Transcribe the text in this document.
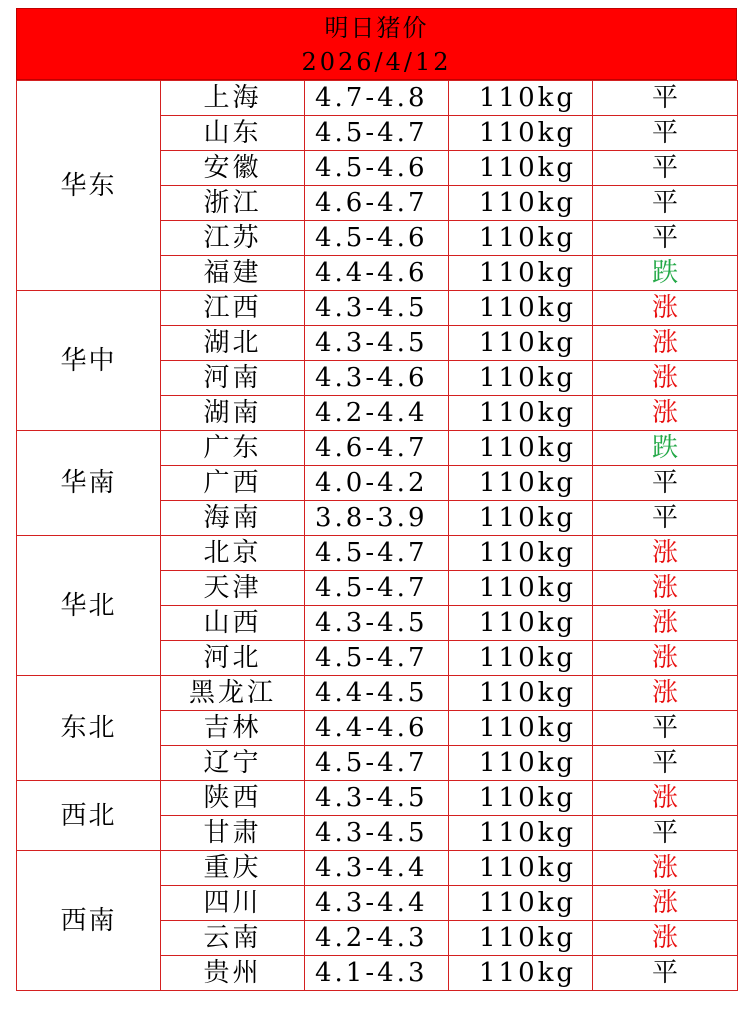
明日猪价
2026/4/12
华东	上海	4.7-4.8	110kg	平
	山东	4.5-4.7	110kg	平
	安徽	4.5-4.6	110kg	平
	浙江	4.6-4.7	110kg	平
	江苏	4.5-4.6	110kg	平
	福建	4.4-4.6	110kg	跌
华中	江西	4.3-4.5	110kg	涨
	湖北	4.3-4.5	110kg	涨
	河南	4.3-4.6	110kg	涨
	湖南	4.2-4.4	110kg	涨
华南	广东	4.6-4.7	110kg	跌
	广西	4.0-4.2	110kg	平
	海南	3.8-3.9	110kg	平
华北	北京	4.5-4.7	110kg	涨
	天津	4.5-4.7	110kg	涨
	山西	4.3-4.5	110kg	涨
	河北	4.5-4.7	110kg	涨
东北	黑龙江	4.4-4.5	110kg	涨
	吉林	4.4-4.6	110kg	平
	辽宁	4.5-4.7	110kg	平
西北	陕西	4.3-4.5	110kg	涨
	甘肃	4.3-4.5	110kg	平
西南	重庆	4.3-4.4	110kg	涨
	四川	4.3-4.4	110kg	涨
	云南	4.2-4.3	110kg	涨
	贵州	4.1-4.3	110kg	平
